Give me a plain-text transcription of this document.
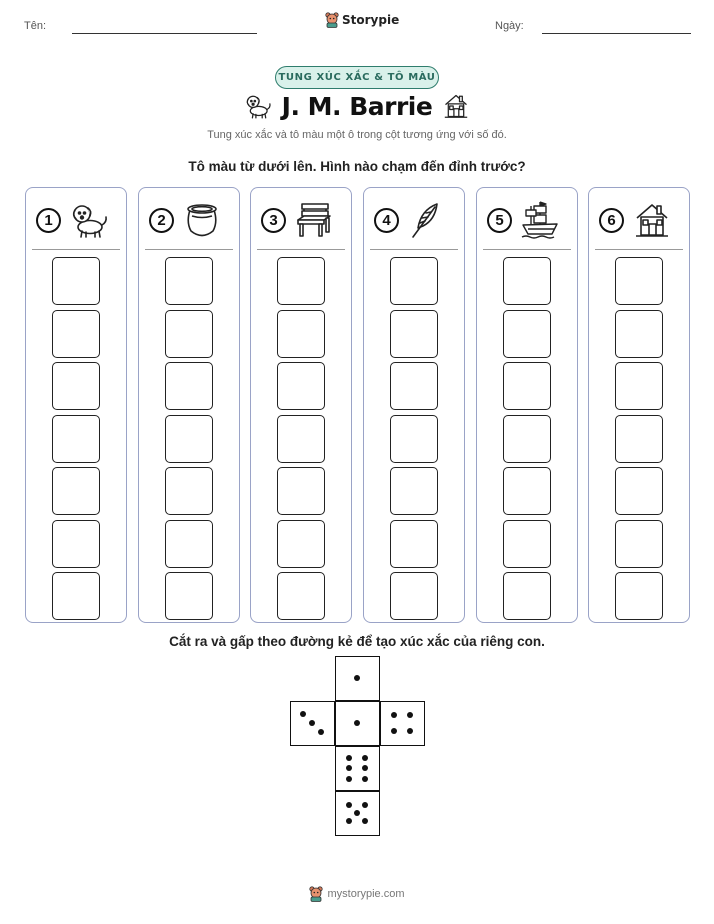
Tên:	Storypie	Ngày:
TUNG XÚC XẮC & TÔ MÀU
J. M. Barrie
Tung xúc xắc và tô màu một ô trong cột tương ứng với số đó.
Tô màu từ dưới lên. Hình nào chạm đến đỉnh trước?
1	2	3	4	5	6
Cắt ra và gấp theo đường kẻ để tạo xúc xắc của riêng con.
mystorypie.com
